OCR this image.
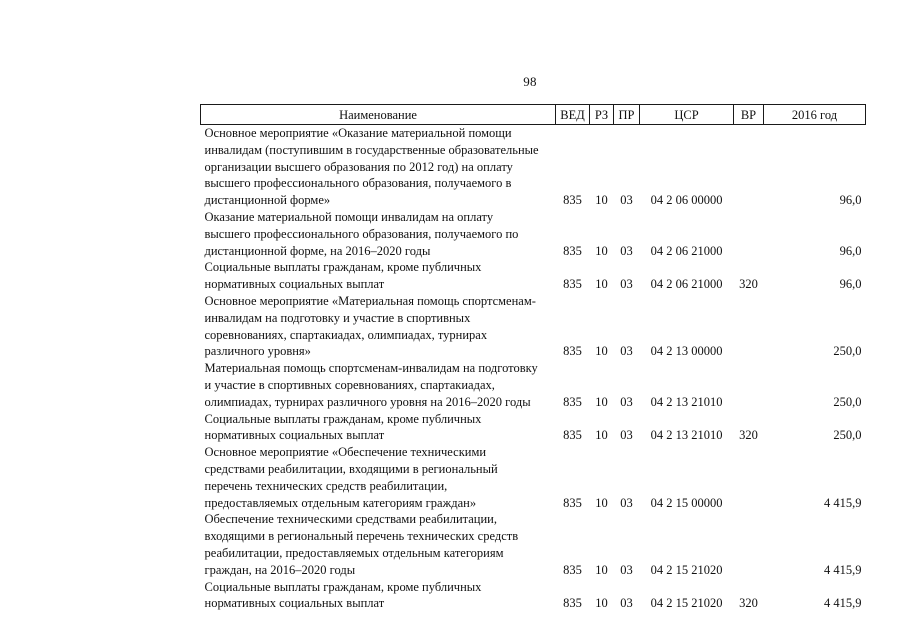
98
Наименование	ВЕД	РЗ	ПР	ЦСР	ВР	2016 год

Основное мероприятие «Оказание материальной помощи
инвалидам (поступившим в государственные образовательные
организации высшего образования по 2012 год) на оплату
высшего профессионального образования, получаемого в
дистанционной форме»	835	10	03	04 2 06 00000		96,0

Оказание материальной помощи инвалидам на оплату
высшего профессионального образования, получаемого по
дистанционной форме, на 2016–2020 годы	835	10	03	04 2 06 21000		96,0

Социальные выплаты гражданам, кроме публичных
нормативных социальных выплат	835	10	03	04 2 06 21000	320	96,0

Основное мероприятие «Материальная помощь спортсменам-
инвалидам на подготовку и участие в спортивных
соревнованиях, спартакиадах, олимпиадах, турнирах
различного уровня»	835	10	03	04 2 13 00000		250,0

Материальная помощь спортсменам-инвалидам на подготовку
и участие в спортивных соревнованиях, спартакиадах,
олимпиадах, турнирах различного уровня на 2016–2020 годы	835	10	03	04 2 13 21010		250,0

Социальные выплаты гражданам, кроме публичных
нормативных социальных выплат	835	10	03	04 2 13 21010	320	250,0

Основное мероприятие «Обеспечение техническими
средствами реабилитации, входящими в региональный
перечень технических средств реабилитации,
предоставляемых отдельным категориям граждан»	835	10	03	04 2 15 00000		4 415,9

Обеспечение техническими средствами реабилитации,
входящими в региональный перечень технических средств
реабилитации, предоставляемых отдельным категориям
граждан, на 2016–2020 годы	835	10	03	04 2 15 21020		4 415,9

Социальные выплаты гражданам, кроме публичных
нормативных социальных выплат	835	10	03	04 2 15 21020	320	4 415,9
